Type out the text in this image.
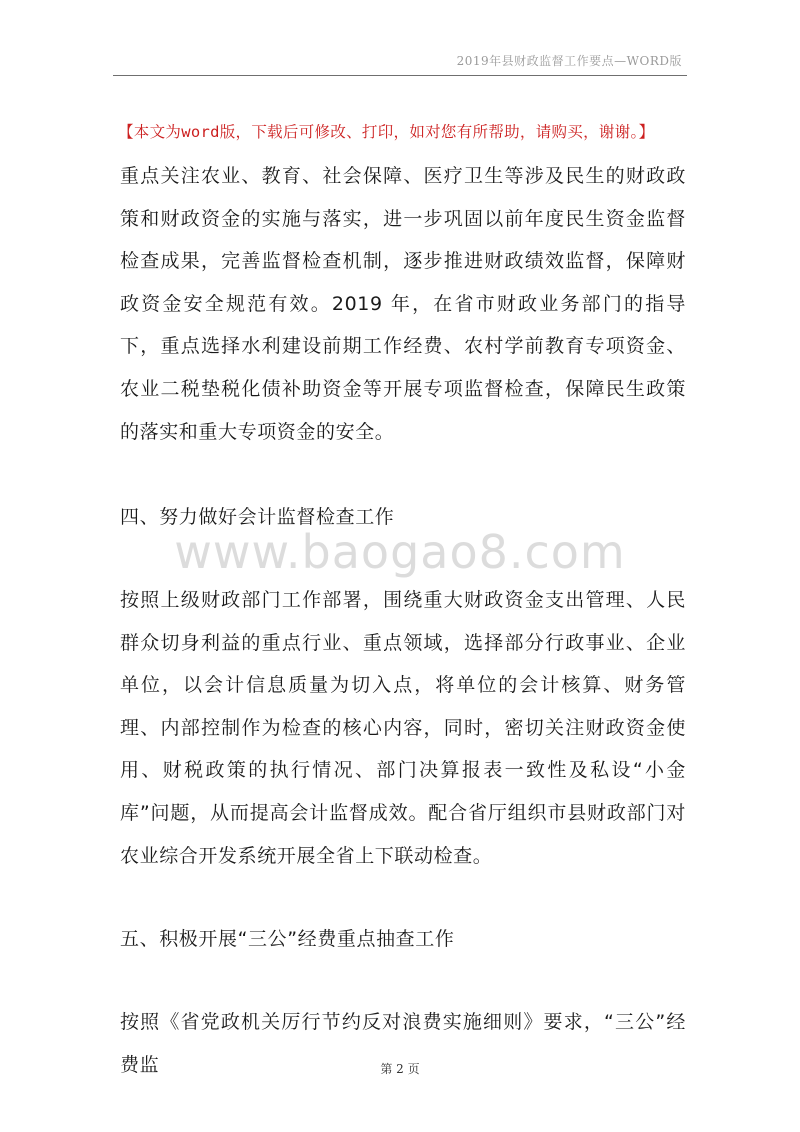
2019年县财政监督工作要点—WORD版
【本文为word版，下载后可修改、打印，如对您有所帮助，请购买，谢谢。】

重点关注农业、教育、社会保障、医疗卫生等涉及民生的财政政策和财政资金的实施与落实，进一步巩固以前年度民生资金监督检查成果，完善监督检查机制，逐步推进财政绩效监督，保障财政资金安全规范有效。2019 年，在省市财政业务部门的指导下，重点选择水利建设前期工作经费、农村学前教育专项资金、农业二税垫税化债补助资金等开展专项监督检查，保障民生政策的落实和重大专项资金的安全。

四、努力做好会计监督检查工作
www.baogao8.com

按照上级财政部门工作部署，围绕重大财政资金支出管理、人民群众切身利益的重点行业、重点领域，选择部分行政事业、企业单位，以会计信息质量为切入点，将单位的会计核算、财务管理、内部控制作为检查的核心内容，同时，密切关注财政资金使用、财税政策的执行情况、部门决算报表一致性及私设“小金库”问题，从而提高会计监督成效。配合省厅组织市县财政部门对农业综合开发系统开展全省上下联动检查。

五、积极开展“三公”经费重点抽查工作

按照《省党政机关厉行节约反对浪费实施细则》要求，“三公”经费监	第 2 页
